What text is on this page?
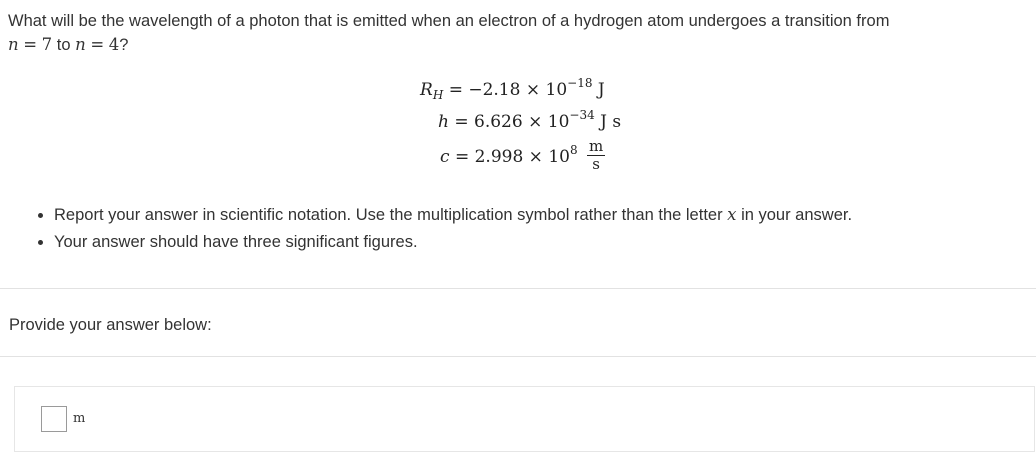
What will be the wavelength of a photon that is emitted when an electron of a hydrogen atom undergoes a transition from
n = 7 to n = 4?
$R_H = -2.18 \times 10^{-18}$ J
$h = 6.626 \times 10^{-34}$ J s
$c = 2.998 \times 10^8 \frac{m}{s}$
• Report your answer in scientific notation. Use the multiplication symbol rather than the letter x in your answer.
• Your answer should have three significant figures.
Provide your answer below:
m
